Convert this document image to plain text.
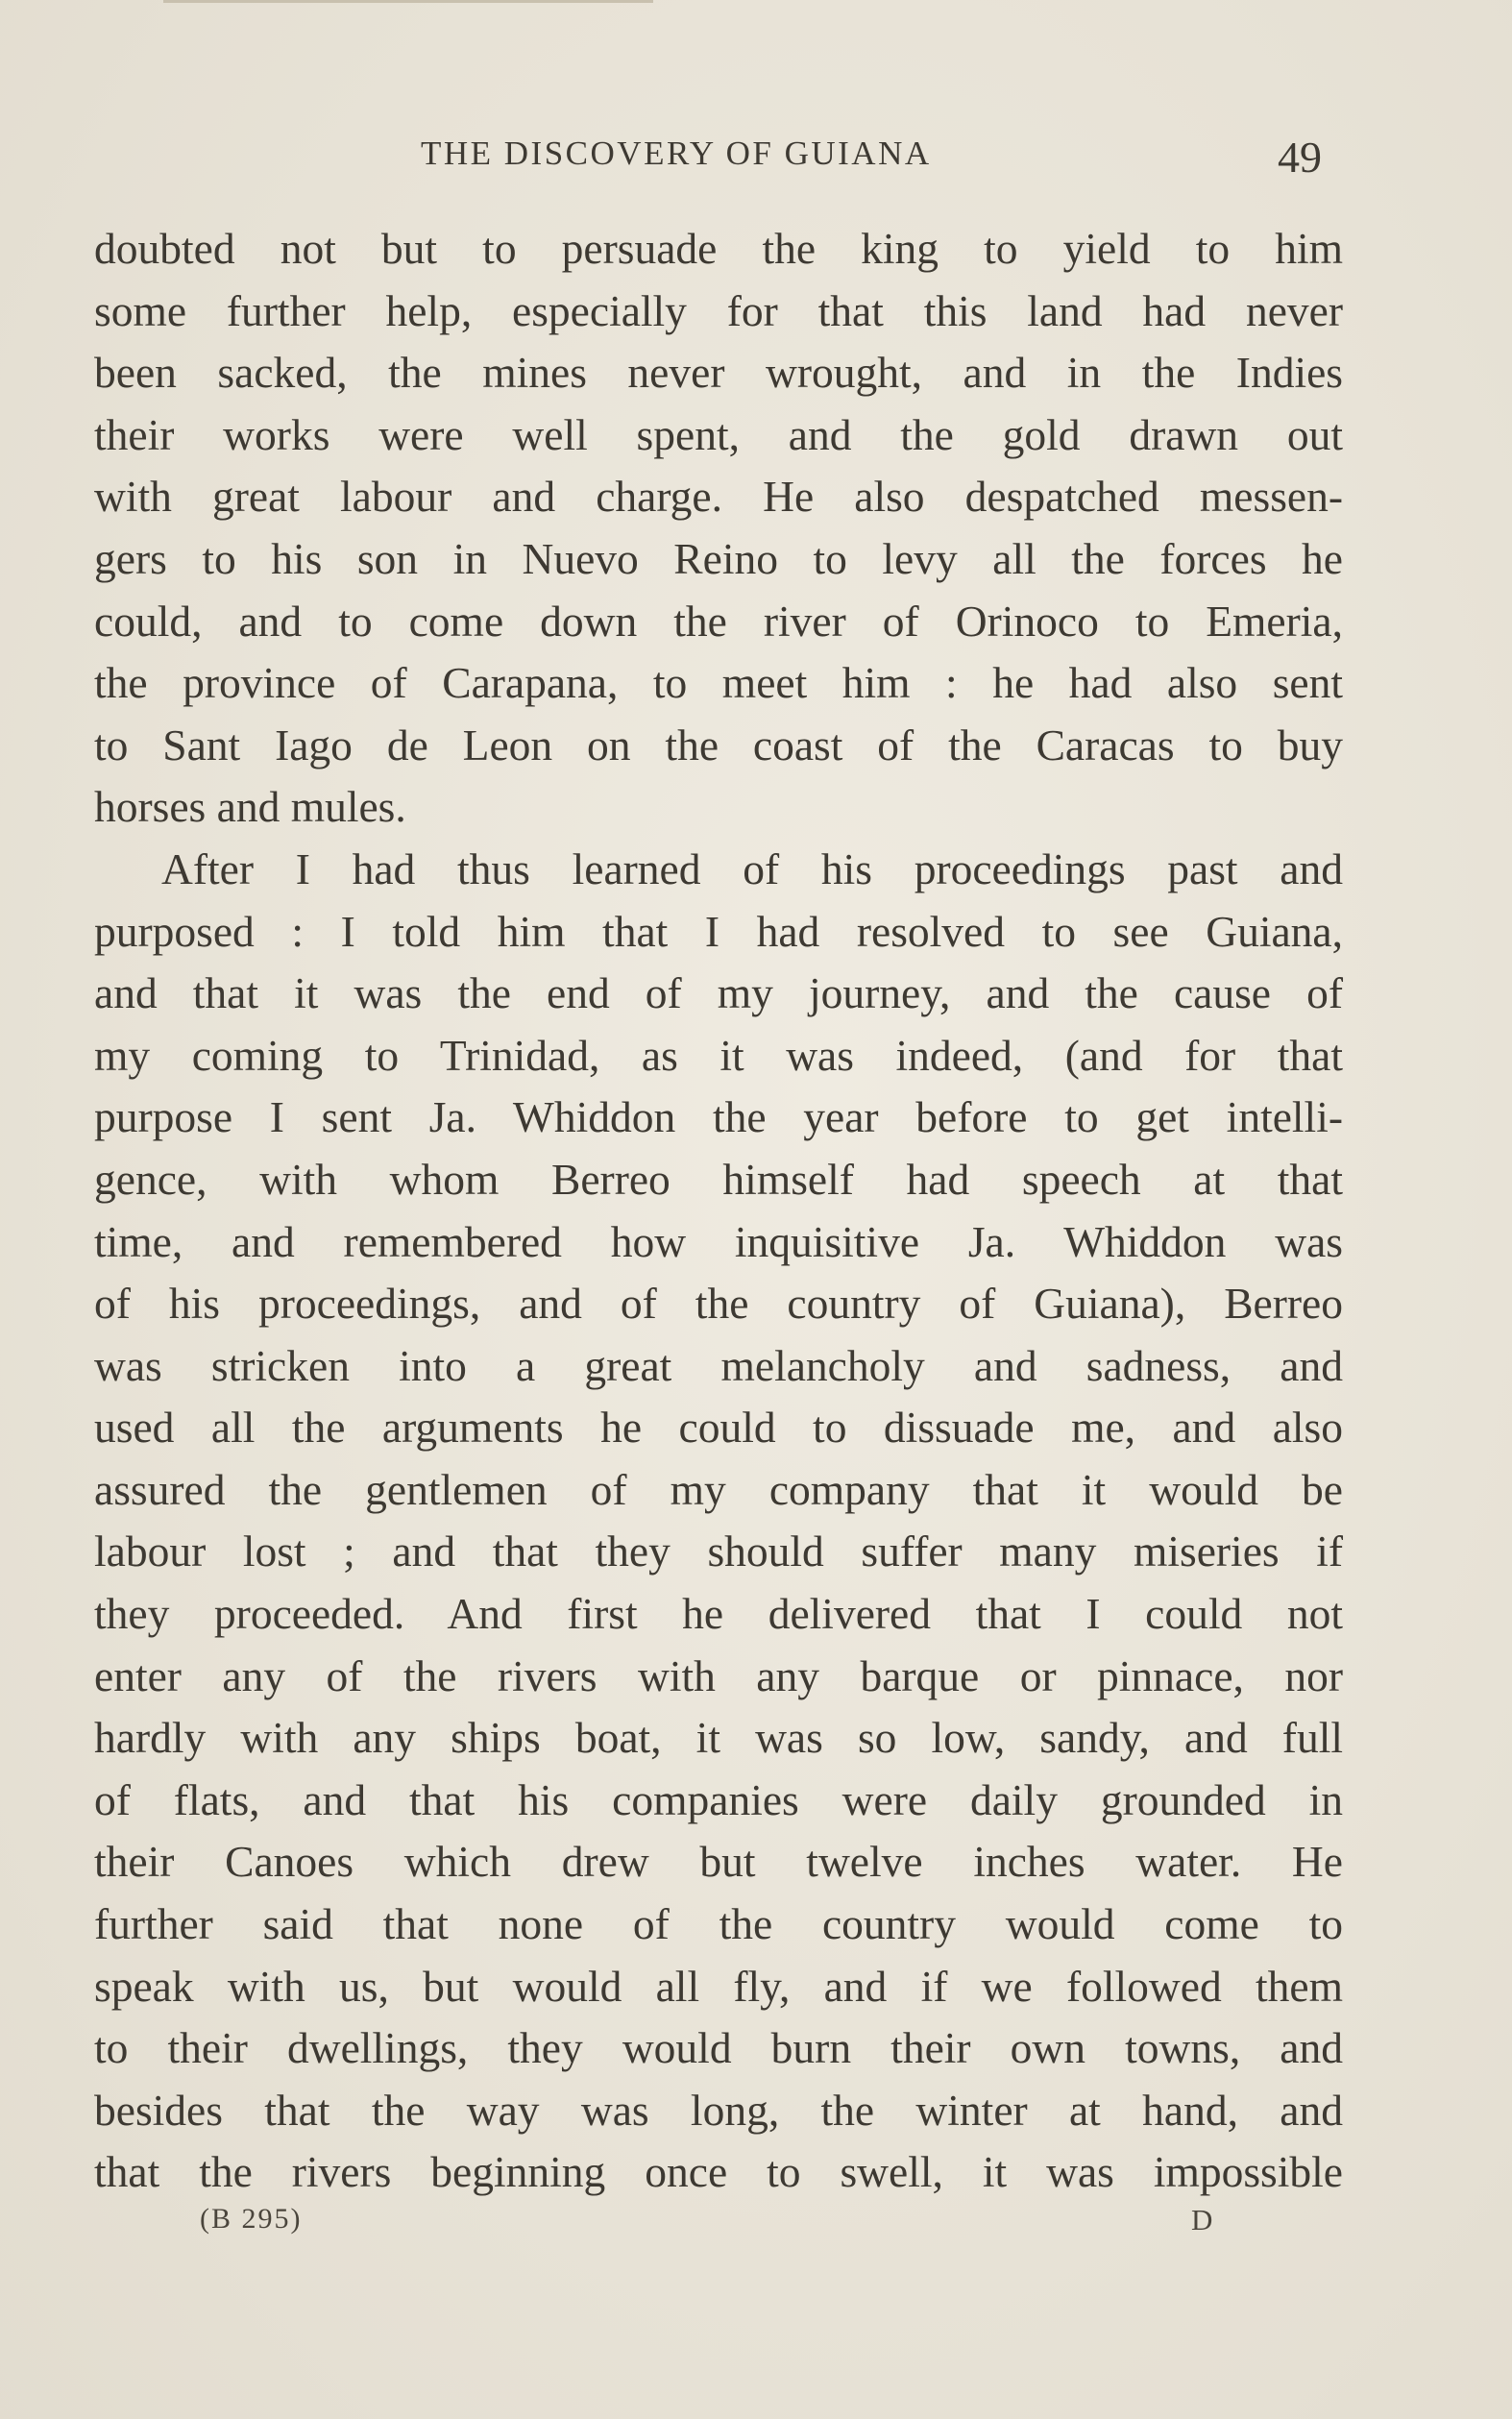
THE DISCOVERY OF GUIANA	49
doubted not but to persuade the king to yield to him
some further help, especially for that this land had never
been sacked, the mines never wrought, and in the Indies
their works were well spent, and the gold drawn out
with great labour and charge. He also despatched messen-
gers to his son in Nuevo Reino to levy all the forces he
could, and to come down the river of Orinoco to Emeria,
the province of Carapana, to meet him : he had also sent
to Sant Iago de Leon on the coast of the Caracas to buy
horses and mules.
After I had thus learned of his proceedings past and
purposed : I told him that I had resolved to see Guiana,
and that it was the end of my journey, and the cause of
my coming to Trinidad, as it was indeed, (and for that
purpose I sent Ja. Whiddon the year before to get intelli-
gence, with whom Berreo himself had speech at that
time, and remembered how inquisitive Ja. Whiddon was
of his proceedings, and of the country of Guiana), Berreo
was stricken into a great melancholy and sadness, and
used all the arguments he could to dissuade me, and also
assured the gentlemen of my company that it would be
labour lost ; and that they should suffer many miseries if
they proceeded. And first he delivered that I could not
enter any of the rivers with any barque or pinnace, nor
hardly with any ships boat, it was so low, sandy, and full
of flats, and that his companies were daily grounded in
their Canoes which drew but twelve inches water. He
further said that none of the country would come to
speak with us, but would all fly, and if we followed them
to their dwellings, they would burn their own towns, and
besides that the way was long, the winter at hand, and
that the rivers beginning once to swell, it was impossible
(B 295)	D
